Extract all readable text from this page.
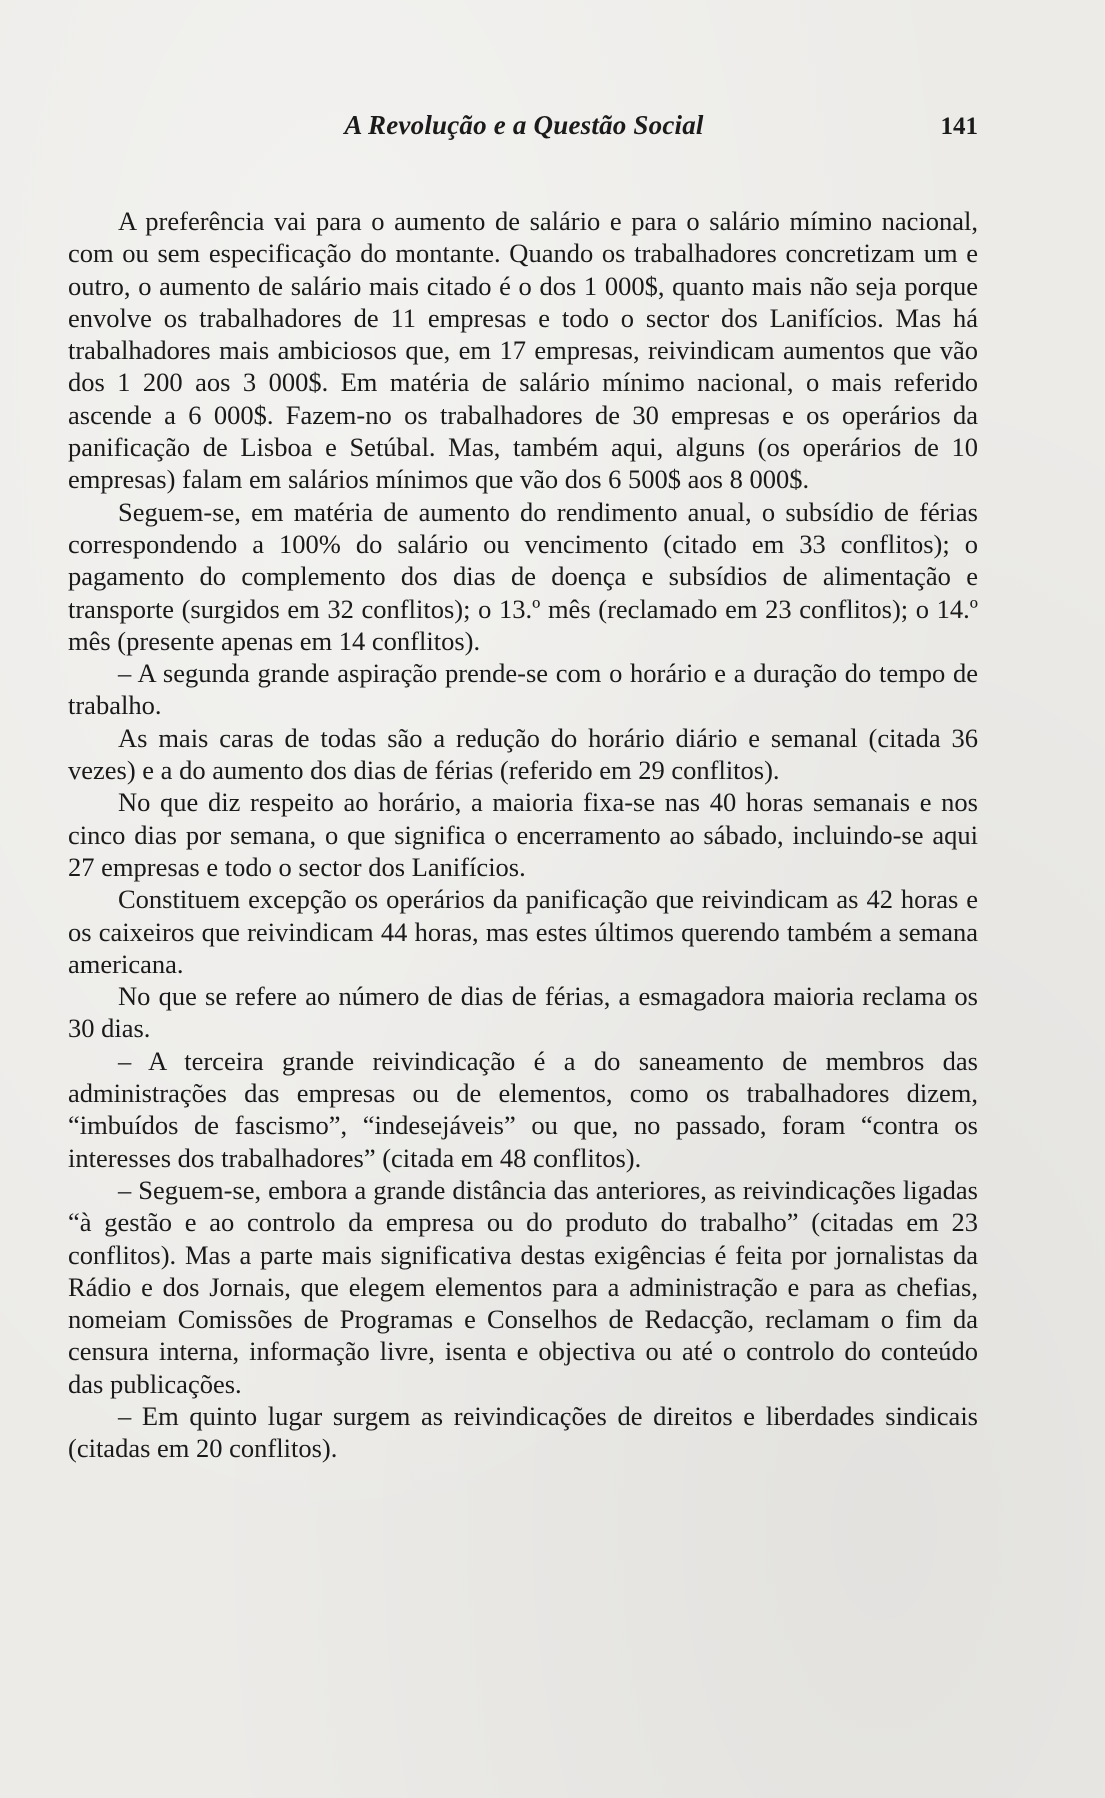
A Revolução e a Questão Social	141

A preferência vai para o aumento de salário e para o salário mímino nacional, com ou sem especificação do montante. Quando os trabalhadores concretizam um e outro, o aumento de salário mais citado é o dos 1 000$, quanto mais não seja porque envolve os trabalhadores de 11 empresas e todo o sector dos Lanifícios. Mas há trabalhadores mais ambiciosos que, em 17 empresas, reivindicam aumentos que vão dos 1 200 aos 3 000$. Em matéria de salário mínimo nacional, o mais referido ascende a 6 000$. Fazem-no os trabalhadores de 30 empresas e os operários da panificação de Lisboa e Setúbal. Mas, também aqui, alguns (os operários de 10 empresas) falam em salários mínimos que vão dos 6 500$ aos 8 000$.

Seguem-se, em matéria de aumento do rendimento anual, o subsídio de férias correspondendo a 100% do salário ou vencimento (citado em 33 conflitos); o pagamento do complemento dos dias de doença e subsídios de alimentação e transporte (surgidos em 32 conflitos); o 13.º mês (reclamado em 23 conflitos); o 14.º mês (presente apenas em 14 conflitos).

– A segunda grande aspiração prende-se com o horário e a duração do tempo de trabalho.

As mais caras de todas são a redução do horário diário e semanal (citada 36 vezes) e a do aumento dos dias de férias (referido em 29 conflitos).

No que diz respeito ao horário, a maioria fixa-se nas 40 horas semanais e nos cinco dias por semana, o que significa o encerramento ao sábado, incluindo-se aqui 27 empresas e todo o sector dos Lanifícios.

Constituem excepção os operários da panificação que reivindicam as 42 horas e os caixeiros que reivindicam 44 horas, mas estes últimos querendo também a semana americana.

No que se refere ao número de dias de férias, a esmagadora maioria reclama os 30 dias.

– A terceira grande reivindicação é a do saneamento de membros das administrações das empresas ou de elementos, como os trabalhadores dizem, “imbuídos de fascismo”, “indesejáveis” ou que, no passado, foram “contra os interesses dos trabalhadores” (citada em 48 conflitos).

– Seguem-se, embora a grande distância das anteriores, as reivindicações ligadas “à gestão e ao controlo da empresa ou do produto do trabalho” (citadas em 23 conflitos). Mas a parte mais significativa destas exigências é feita por jornalistas da Rádio e dos Jornais, que elegem elementos para a administração e para as chefias, nomeiam Comissões de Programas e Conselhos de Redacção, reclamam o fim da censura interna, informação livre, isenta e objectiva ou até o controlo do conteúdo das publicações.

– Em quinto lugar surgem as reivindicações de direitos e liberdades sindicais (citadas em 20 conflitos).
